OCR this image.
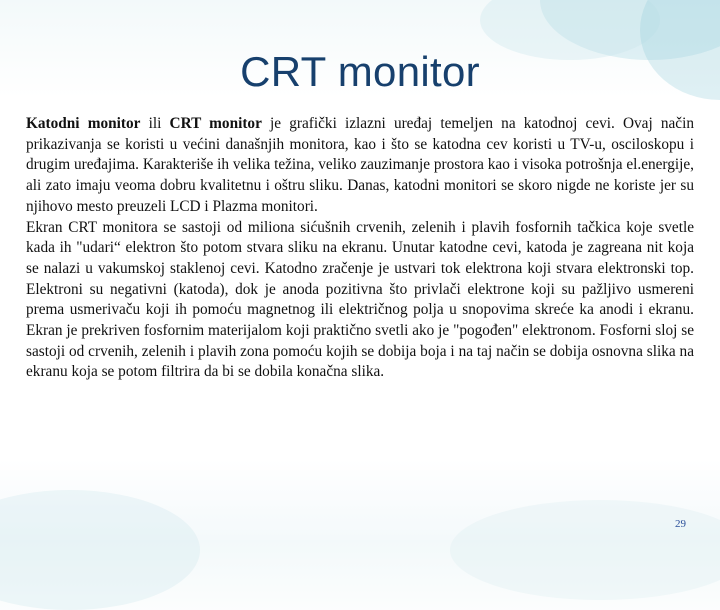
CRT monitor

Katodni monitor ili CRT monitor je grafički izlazni uređaj temeljen na katodnoj cevi. Ovaj način prikazivanja se koristi u većini današnjih monitora, kao i što se katodna cev koristi u TV-u, osciloskopu i drugim uređajima. Karakteriše ih velika težina, veliko zauzimanje prostora kao i visoka potrošnja el.energije, ali zato imaju veoma dobru kvalitetnu i oštru sliku. Danas, katodni monitori se skoro nigde ne koriste jer su njihovo mesto preuzeli LCD i Plazma monitori.

Ekran CRT monitora se sastoji od miliona sićušnih crvenih, zelenih i plavih fosfornih tačkica koje svetle kada ih "udari“ elektron što potom stvara sliku na ekranu. Unutar katodne cevi, katoda je zagreana nit koja se nalazi u vakumskoj staklenoj cevi. Katodno zračenje je ustvari tok elektrona koji stvara elektronski top. Elektroni su negativni (katoda), dok je anoda pozitivna što privlači elektrone koji su pažljivo usmereni prema usmerivaču koji ih pomoću magnetnog ili električnog polja u snopovima skreće ka anodi i ekranu. Ekran je prekriven fosfornim materijalom koji praktično svetli ako je "pogođen" elektronom. Fosforni sloj se sastoji od crvenih, zelenih i plavih zona pomoću kojih se dobija boja i na taj način se dobija osnovna slika na ekranu koja se potom filtrira da bi se dobila konačna slika.

29
